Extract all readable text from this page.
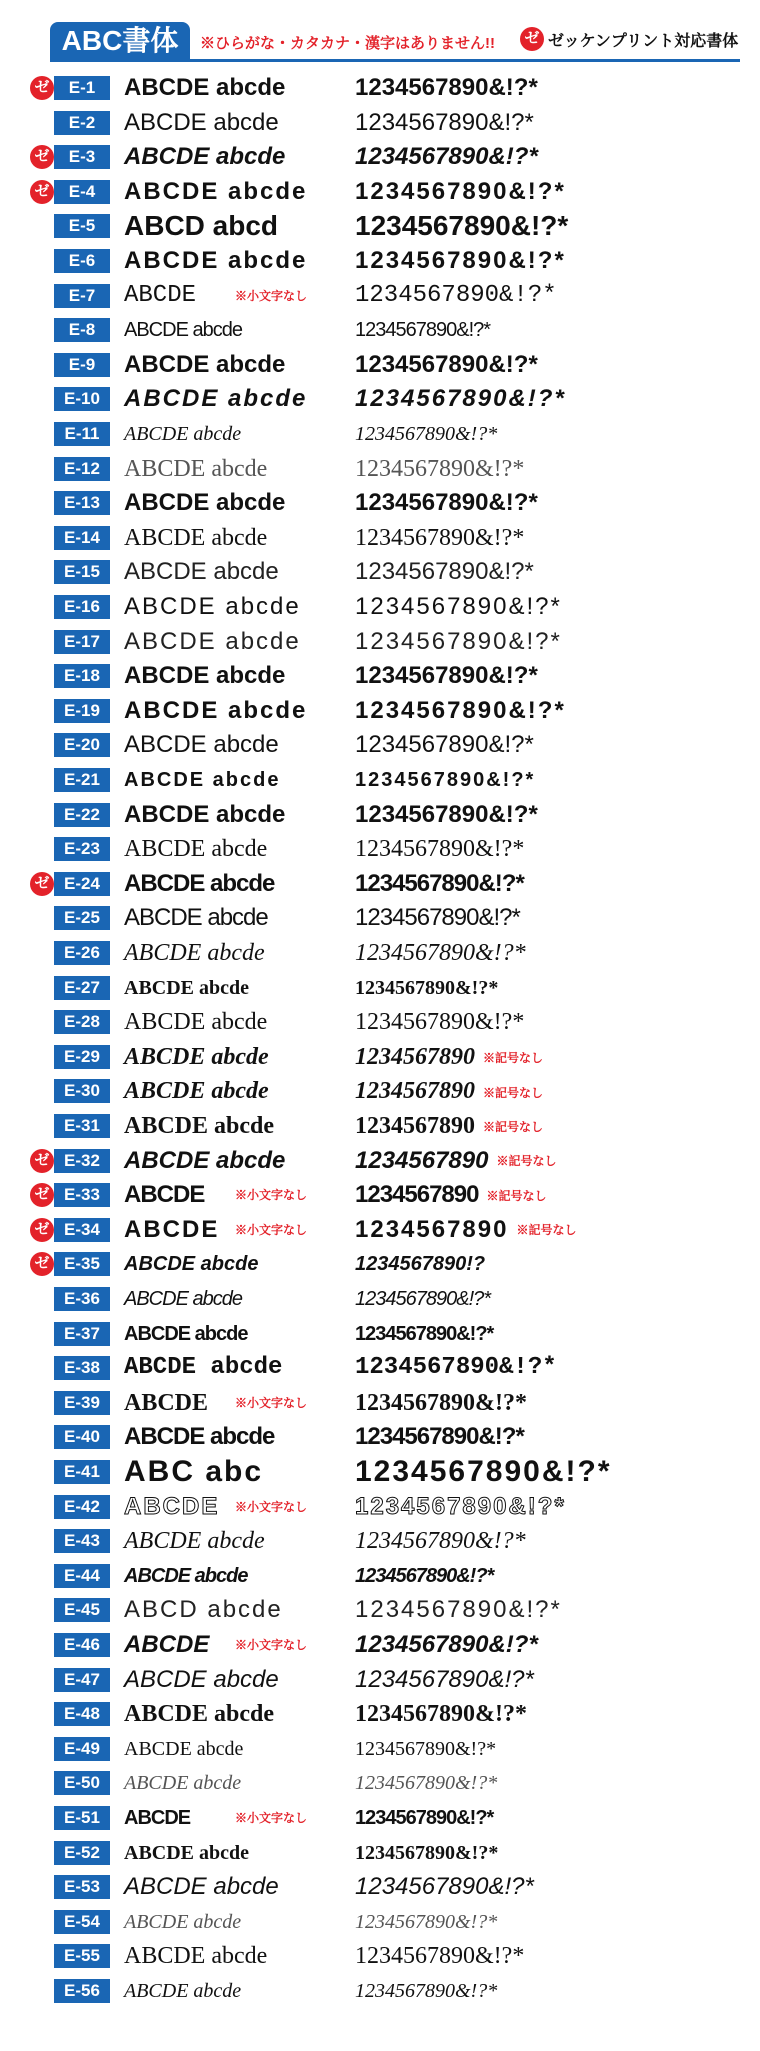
ABC書体	※ひらがな・カタカナ・漢字はありません!! ゼ ゼッケンプリント対応書体
ゼ	E-1	ABCDE abcde	1234567890&!?*
E-2	ABCDE abcde	1234567890&!?*
ゼ	E-3	ABCDE abcde	1234567890&!?*
ゼ	E-4	ABCDE abcde 1234567890&!?*
E-5	ABCD abcd	1234567890&!?*
E-6	ABCDE abcde 1234567890&!?*
E-7	ABCDE	※小文字なし 1234567890&!?*
E-8	ABCDE abcde	1234567890&!?*
E-9	ABCDE abcde	1234567890&!?*
E-10	ABCDE abcde 1234567890&!?*
E-11	ABCDE abcde	1234567890&!?*
E-12	ABCDE abcde	1234567890&!?*
E-13	ABCDE abcde	1234567890&!?*
E-14	ABCDE abcde	1234567890&!?*
E-15	ABCDE abcde	1234567890&!?*
E-16	ABCDE abcde 1234567890&!?*
E-17	ABCDE abcde 1234567890&!?*
E-18	ABCDE abcde	1234567890&!?*
E-19	ABCDE abcde 1234567890&!?*
E-20	ABCDE abcde	1234567890&!?*
E-21	ABCDE abcde	1234567890&!?*
E-22	ABCDE abcde	1234567890&!?*
E-23	ABCDE abcde	1234567890&!?*
ゼ E-24	ABCDE abcde	1234567890&!?*
E-25	ABCDE abcde	1234567890&!?*
E-26	ABCDE abcde	1234567890&!?*
E-27	ABCDE abcde	1234567890&!?*
E-28	ABCDE abcde	1234567890&!?*
E-29	ABCDE abcde	1234567890 ※記号なし
E-30	ABCDE abcde	1234567890 ※記号なし
E-31	ABCDE abcde	1234567890 ※記号なし
ゼ E-32	ABCDE abcde	1234567890 ※記号なし
ゼ E-33	ABCDE	※小文字なし 1234567890 ※記号なし
ゼ E-34	ABCDE ※小文字なし 1234567890 ※記号なし
ゼ E-35	ABCDE abcde	1234567890!?
E-36	ABCDE abcde	1234567890&!?*
E-37	ABCDE abcde	1234567890&!?*
E-38	ABCDE abcde	1234567890&!?*
E-39	ABCDE ※小文字なし 1234567890&!?*
E-40	ABCDE abcde	1234567890&!?*
E-41 ABC abc	1234567890&!?*
E-42	ABCDE ※小文字なし 1234567890&!?*
E-43	ABCDE abcde	1234567890&!?*
E-44	ABCDE abcde	1234567890&!?*
E-45	ABCD abcde	1234567890&!?*
E-46	ABCDE ※小文字なし 1234567890&!?*
E-47	ABCDE abcde	1234567890&!?*
E-48	ABCDE abcde	1234567890&!?*
E-49	ABCDE abcde	1234567890&!?*
E-50	ABCDE abcde	1234567890&!?*
E-51	ABCDE	※小文字なし 1234567890&!?*
E-52	ABCDE abcde	1234567890&!?*
E-53	ABCDE abcde	1234567890&!?*
E-54	ABCDE abcde	1234567890&!?*
E-55	ABCDE abcde	1234567890&!?*
E-56	ABCDE abcde	1234567890&!?*
